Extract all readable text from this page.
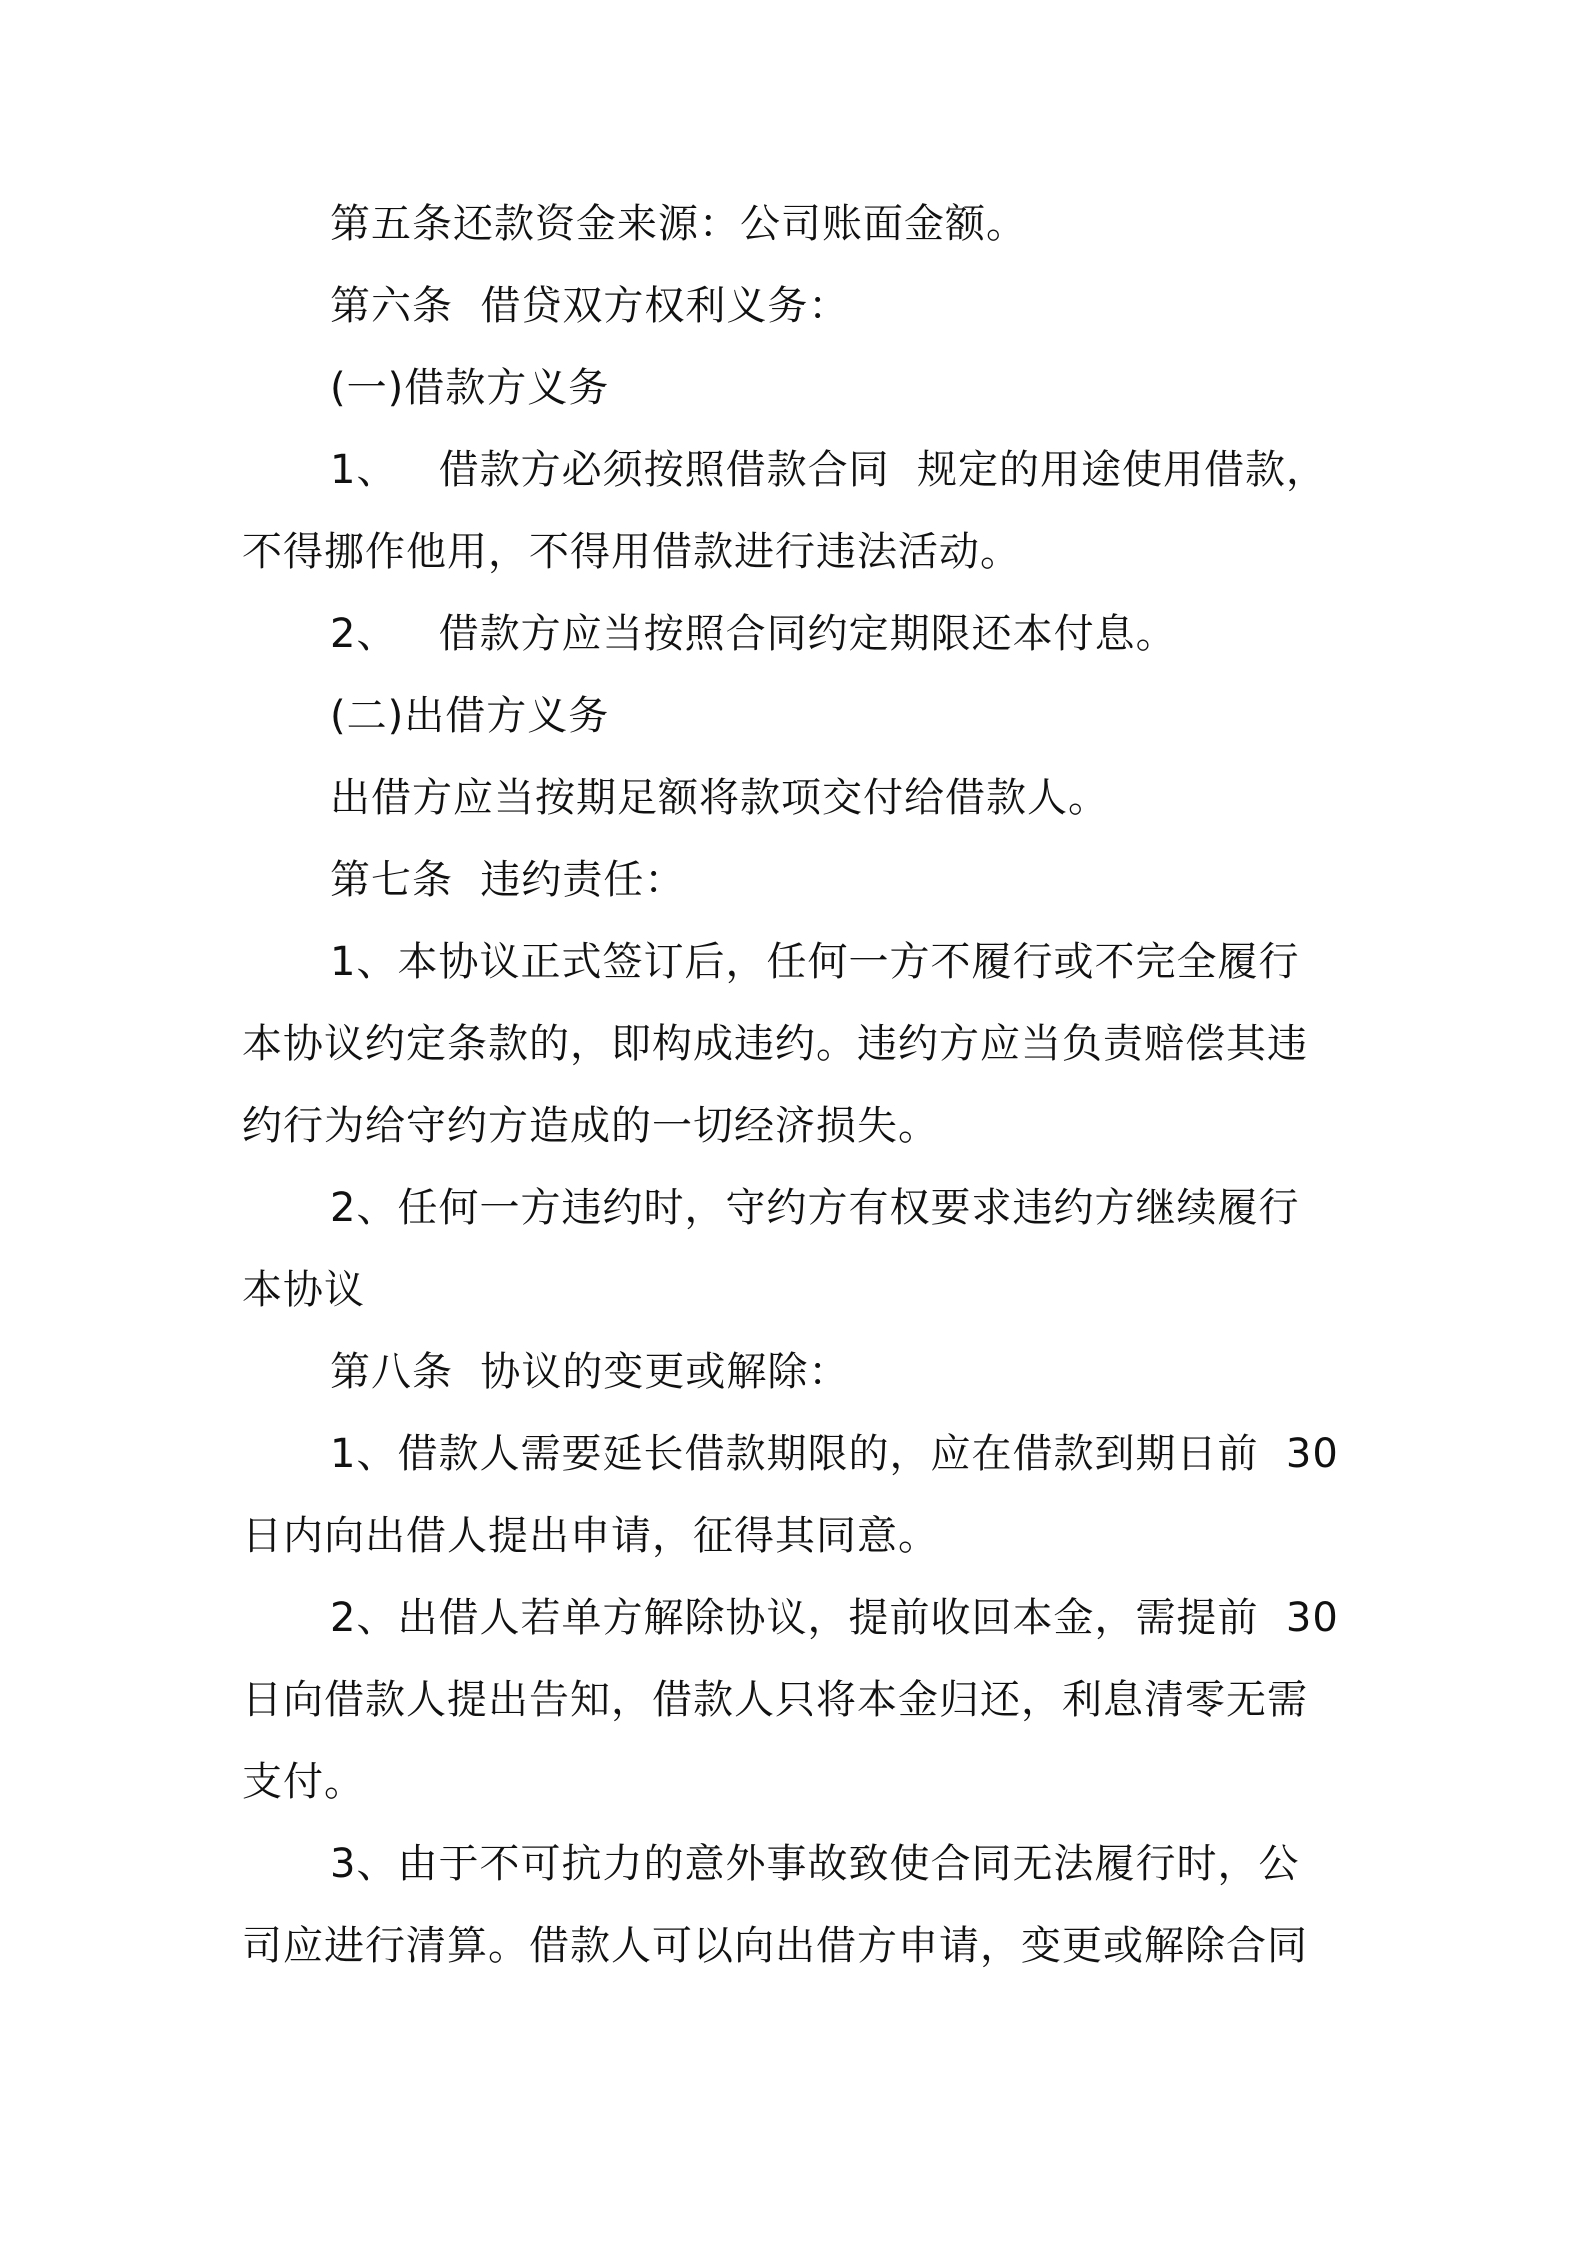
第五条还款资金来源：公司账面金额。
第六条  借贷双方权利义务：
(一)借款方义务
1、   借款方必须按照借款合同  规定的用途使用借款，
不得挪作他用，不得用借款进行违法活动。
2、   借款方应当按照合同约定期限还本付息。
(二)出借方义务
出借方应当按期足额将款项交付给借款人。
第七条  违约责任：
1、本协议正式签订后，任何一方不履行或不完全履行
本协议约定条款的，即构成违约。违约方应当负责赔偿其违
约行为给守约方造成的一切经济损失。
2、任何一方违约时，守约方有权要求违约方继续履行
本协议
第八条  协议的变更或解除：
1、借款人需要延长借款期限的，应在借款到期日前  30
日内向出借人提出申请，征得其同意。
2、出借人若单方解除协议，提前收回本金，需提前  30
日向借款人提出告知，借款人只将本金归还，利息清零无需
支付。
3、由于不可抗力的意外事故致使合同无法履行时，公
司应进行清算。借款人可以向出借方申请，变更或解除合同
